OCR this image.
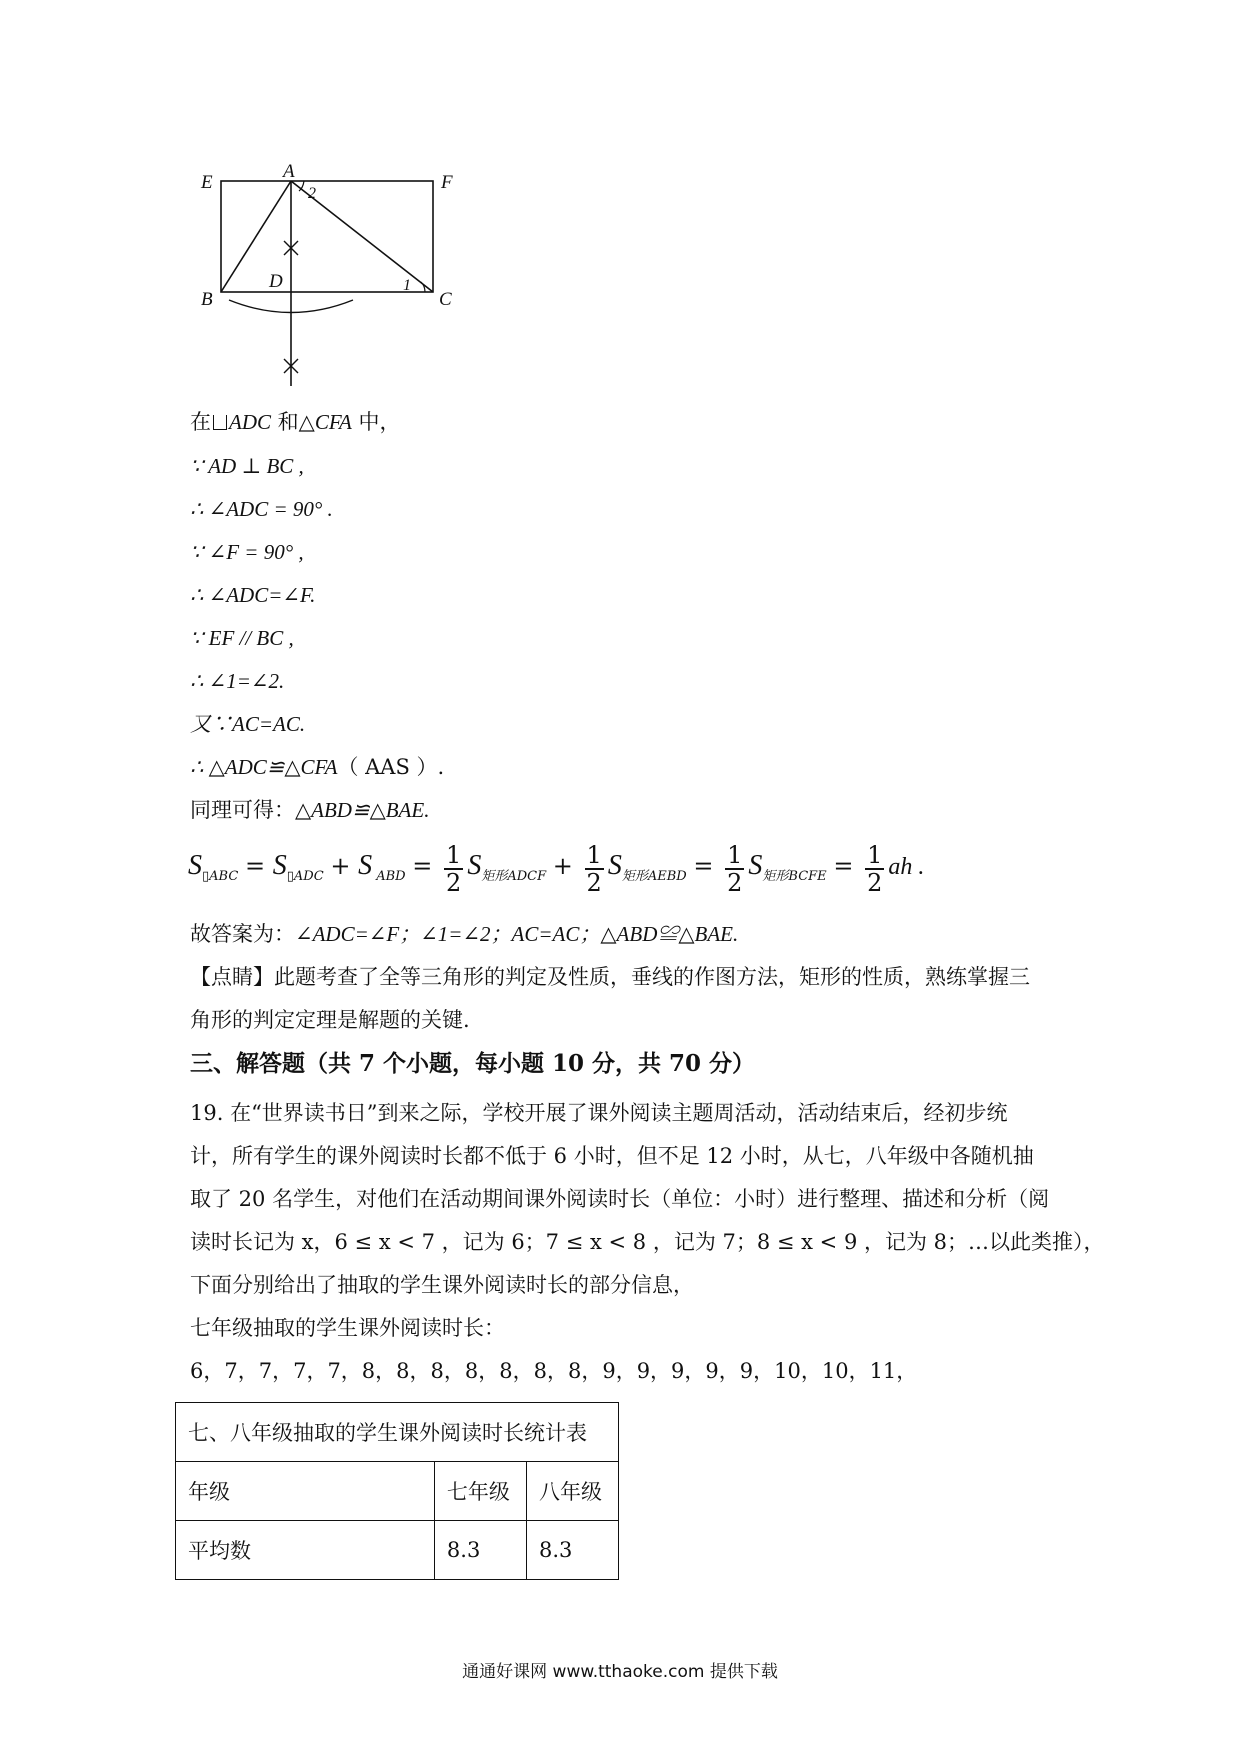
A
E	F
B
D
C
1
2
在 ADC 和△CFA 中，
∵ AD ⊥ BC ,
∴ ∠ADC = 90° .
∵ ∠F = 90° ,
∴ ∠ADC=∠F.
∵ EF // BC ,
∴ ∠1=∠2.
又∵AC=AC.
∴ △ADC≌△CFA（ AAS ）.
同理可得：△ABD≌△BAE.
$S_{▯ABC} = S_{▯ADC} + S$ $_{ABD} = \frac{1}{2} S_{矩形ADCF} + \frac{1}{2} S_{矩形AEBD} = \frac{1}{2} S_{矩形BCFE} = \frac{1}{2}$ ah .
故答案为：∠ADC=∠F；∠1=∠2；AC=AC；△ABD≌△BAE.
【点睛】此题考查了全等三角形的判定及性质，垂线的作图方法，矩形的性质，熟练掌握三
角形的判定定理是解题的关键.
三、解答题（共 7 个小题，每小题 10 分，共 70 分）
19. 在“世界读书日”到来之际，学校开展了课外阅读主题周活动，活动结束后，经初步统
计，所有学生的课外阅读时长都不低于 6 小时，但不足 12 小时，从七，八年级中各随机抽
取了 20 名学生，对他们在活动期间课外阅读时长（单位：小时）进行整理、描述和分析（阅
读时长记为 x，6 ≤ x < 7 ，记为 6；7 ≤ x < 8 ，记为 7；8 ≤ x < 9 ，记为 8；…以此类推），
下面分别给出了抽取的学生课外阅读时长的部分信息，
七年级抽取的学生课外阅读时长：
6，7，7，7，7，8，8，8，8，8，8，8，9，9，9，9，9，10，10，11，
七、八年级抽取的学生课外阅读时长统计表		
年级	七年级	八年级
平均数	8.3	8.3
通通好课网 www.tthaoke.com 提供下载
